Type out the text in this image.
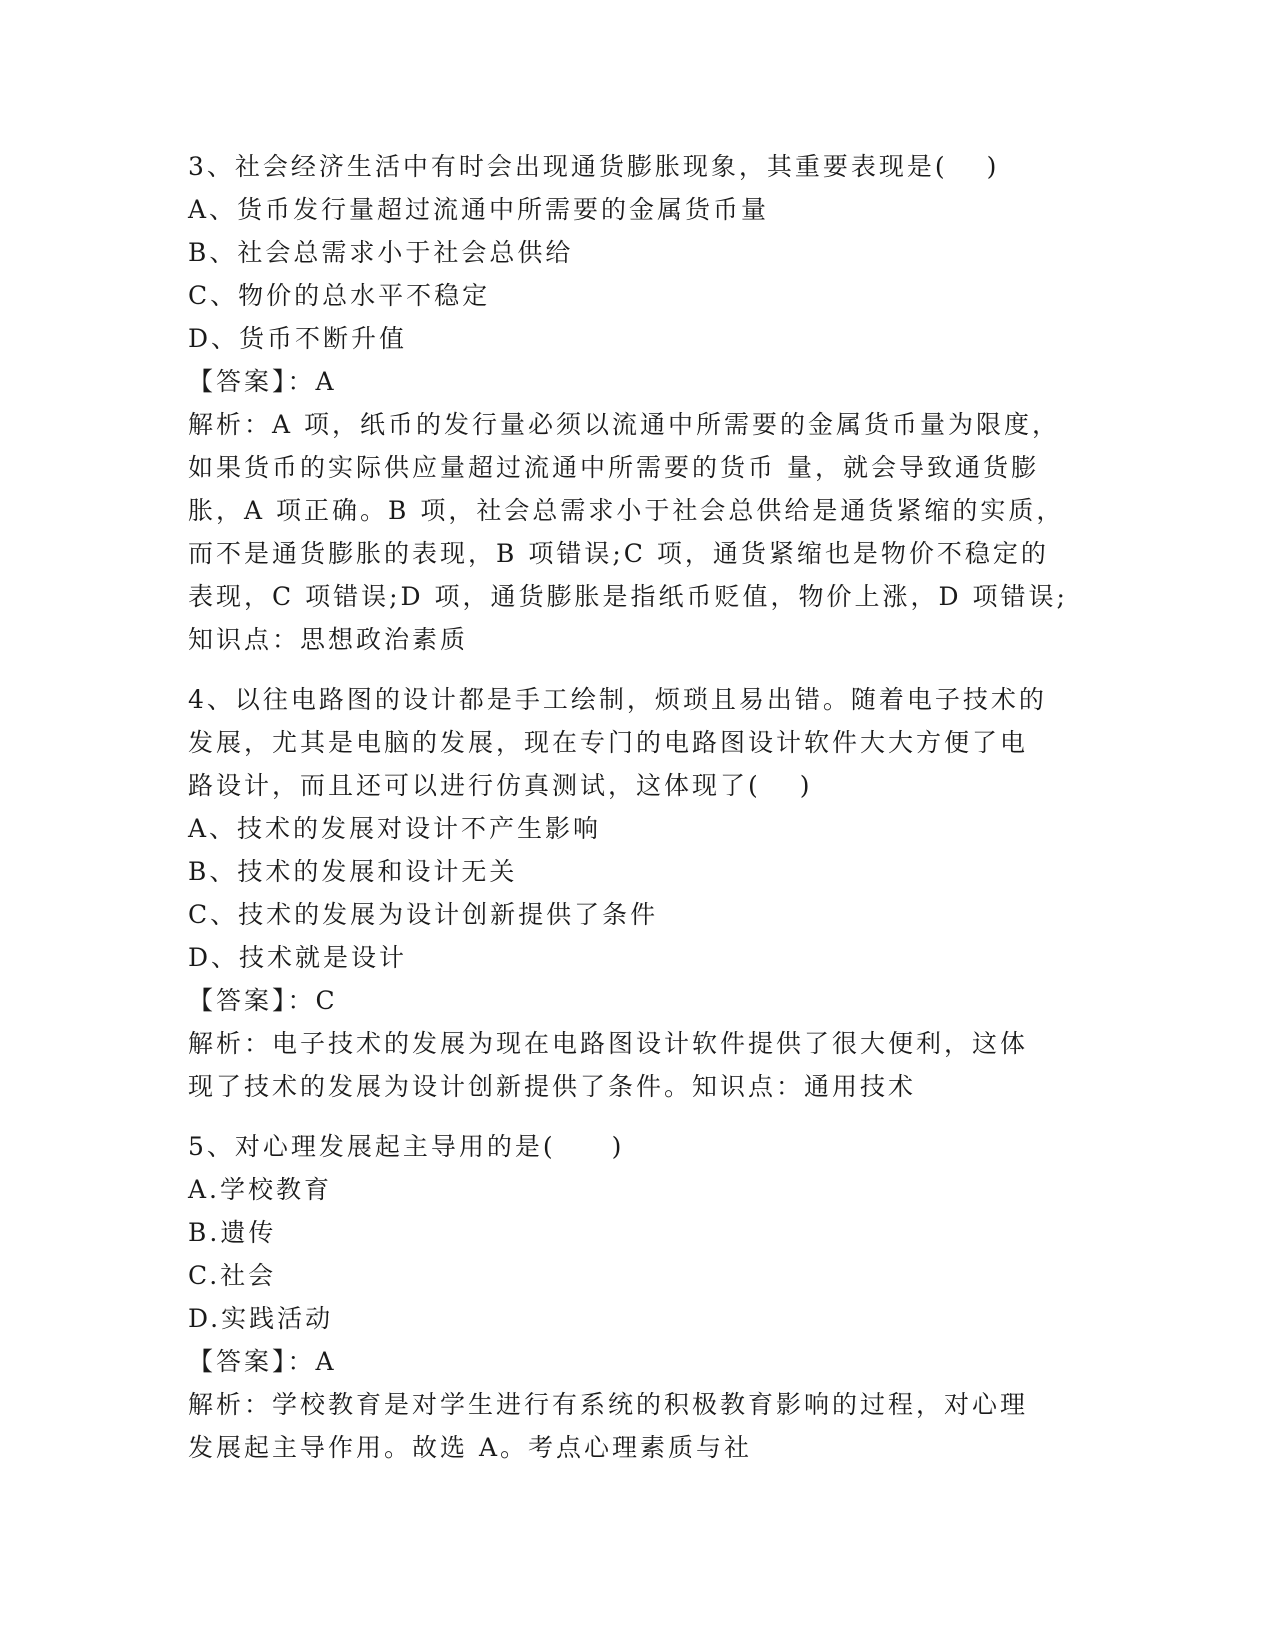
3、社会经济生活中有时会出现通货膨胀现象，其重要表现是(　 )
A、货币发行量超过流通中所需要的金属货币量
B、社会总需求小于社会总供给
C、物价的总水平不稳定
D、货币不断升值
【答案】：A
解析：A 项，纸币的发行量必须以流通中所需要的金属货币量为限度，
如果货币的实际供应量超过流通中所需要的货币 量，就会导致通货膨
胀，A 项正确。B 项，社会总需求小于社会总供给是通货紧缩的实质，
而不是通货膨胀的表现，B 项错误;C 项，通货紧缩也是物价不稳定的
表现，C 项错误;D 项，通货膨胀是指纸币贬值，物价上涨，D 项错误;
知识点：思想政治素质
4、以往电路图的设计都是手工绘制，烦琐且易出错。随着电子技术的
发展，尤其是电脑的发展，现在专门的电路图设计软件大大方便了电
路设计，而且还可以进行仿真测试，这体现了(　 )
A、技术的发展对设计不产生影响
B、技术的发展和设计无关
C、技术的发展为设计创新提供了条件
D、技术就是设计
【答案】：C
解析：电子技术的发展为现在电路图设计软件提供了很大便利，这体
现了技术的发展为设计创新提供了条件。知识点：通用技术
5、对心理发展起主导用的是(　　)
A.学校教育
B.遗传
C.社会
D.实践活动
【答案】：A
解析：学校教育是对学生进行有系统的积极教育影响的过程，对心理
发展起主导作用。故选 A。考点心理素质与社
